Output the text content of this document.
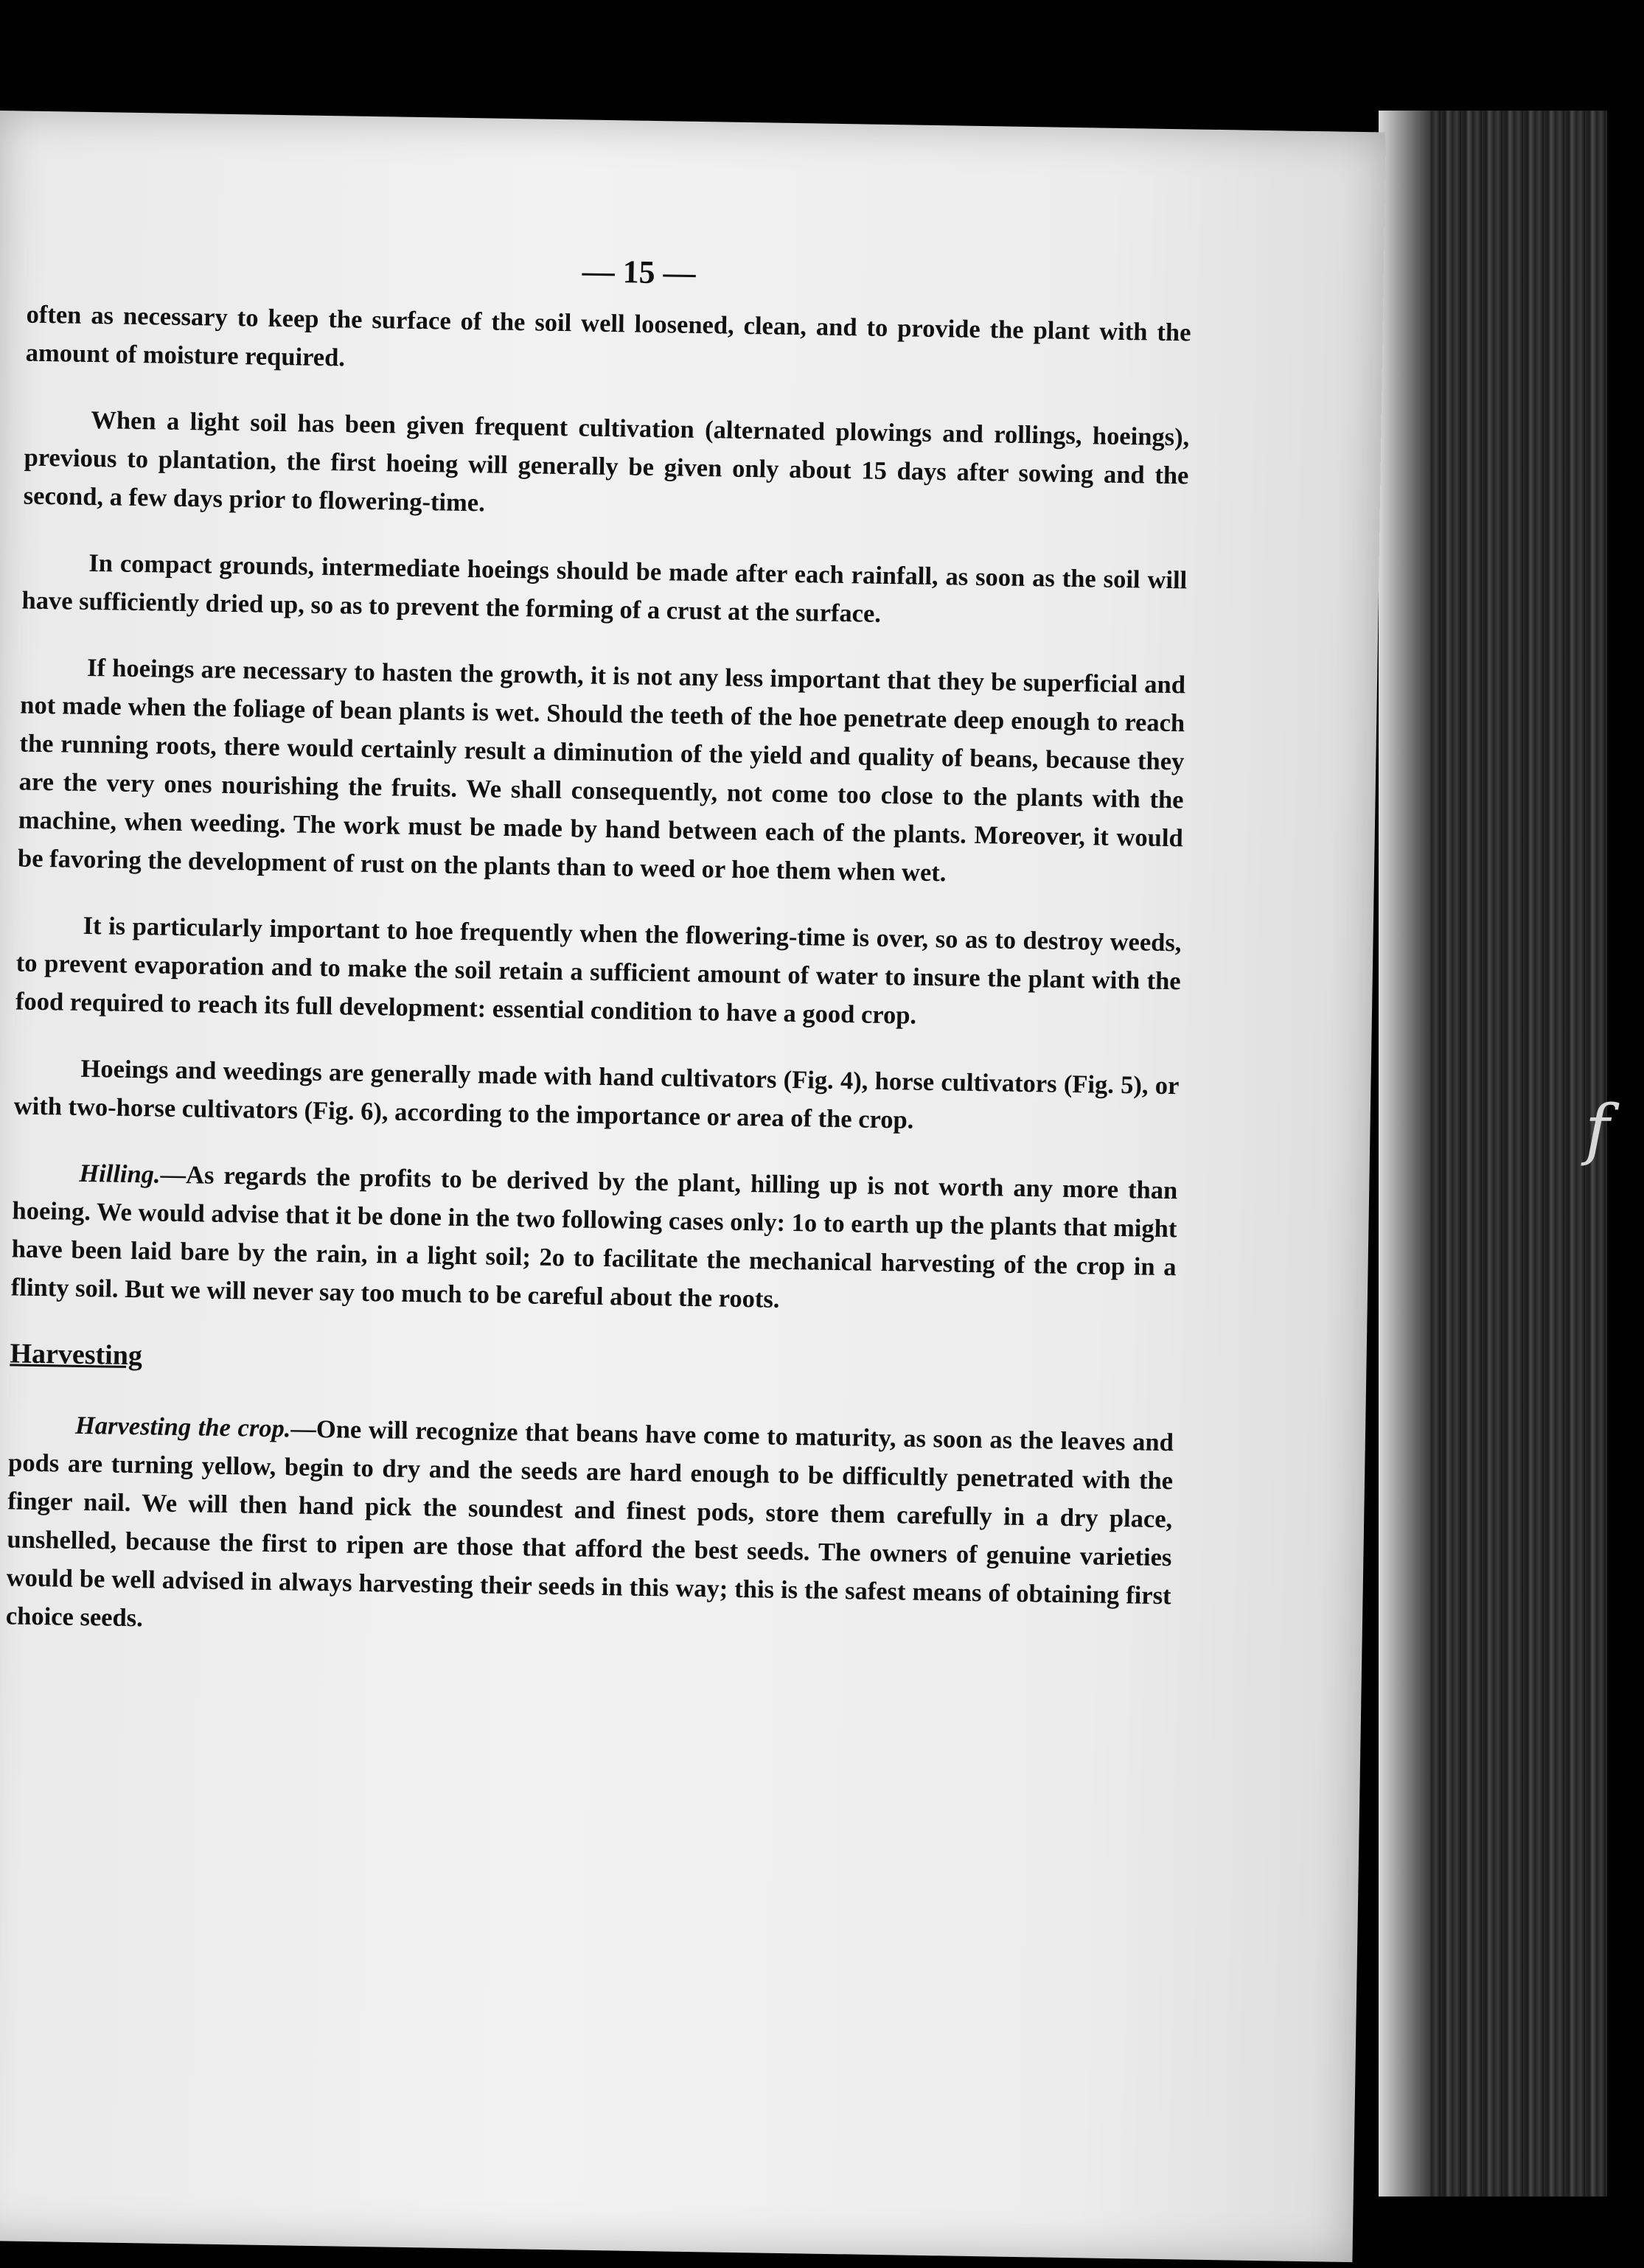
f
— 15 —

often as necessary to keep the surface of the soil well loosened, clean, and to provide the plant with the amount of moisture required.

When a light soil has been given frequent cultivation (alternated plowings and rollings, hoeings), previous to plantation, the first hoeing will generally be given only about 15 days after sowing and the second, a few days prior to flowering-time.

In compact grounds, intermediate hoeings should be made after each rainfall, as soon as the soil will have sufficiently dried up, so as to prevent the forming of a crust at the surface.

If hoeings are necessary to hasten the growth, it is not any less important that they be superficial and not made when the foliage of bean plants is wet. Should the teeth of the hoe penetrate deep enough to reach the running roots, there would certainly result a diminution of the yield and quality of beans, because they are the very ones nourishing the fruits. We shall consequently, not come too close to the plants with the machine, when weeding. The work must be made by hand between each of the plants. Moreover, it would be favoring the development of rust on the plants than to weed or hoe them when wet.

It is particularly important to hoe frequently when the flowering-time is over, so as to destroy weeds, to prevent evaporation and to make the soil retain a sufficient amount of water to insure the plant with the food required to reach its full development: essential condition to have a good crop.

Hoeings and weedings are generally made with hand cultivators (Fig. 4), horse cultivators (Fig. 5), or with two-horse cultivators (Fig. 6), according to the importance or area of the crop.

Hilling.—As regards the profits to be derived by the plant, hilling up is not worth any more than hoeing. We would advise that it be done in the two following cases only: 1o to earth up the plants that might have been laid bare by the rain, in a light soil; 2o to facilitate the mechanical harvesting of the crop in a flinty soil. But we will never say too much to be careful about the roots.

Harvesting

Harvesting the crop.—One will recognize that beans have come to maturity, as soon as the leaves and pods are turning yellow, begin to dry and the seeds are hard enough to be difficultly penetrated with the finger nail. We will then hand pick the soundest and finest pods, store them carefully in a dry place, unshelled, because the first to ripen are those that afford the best seeds. The owners of genuine varieties would be well advised in always harvesting their seeds in this way; this is the safest means of obtaining first choice seeds.
